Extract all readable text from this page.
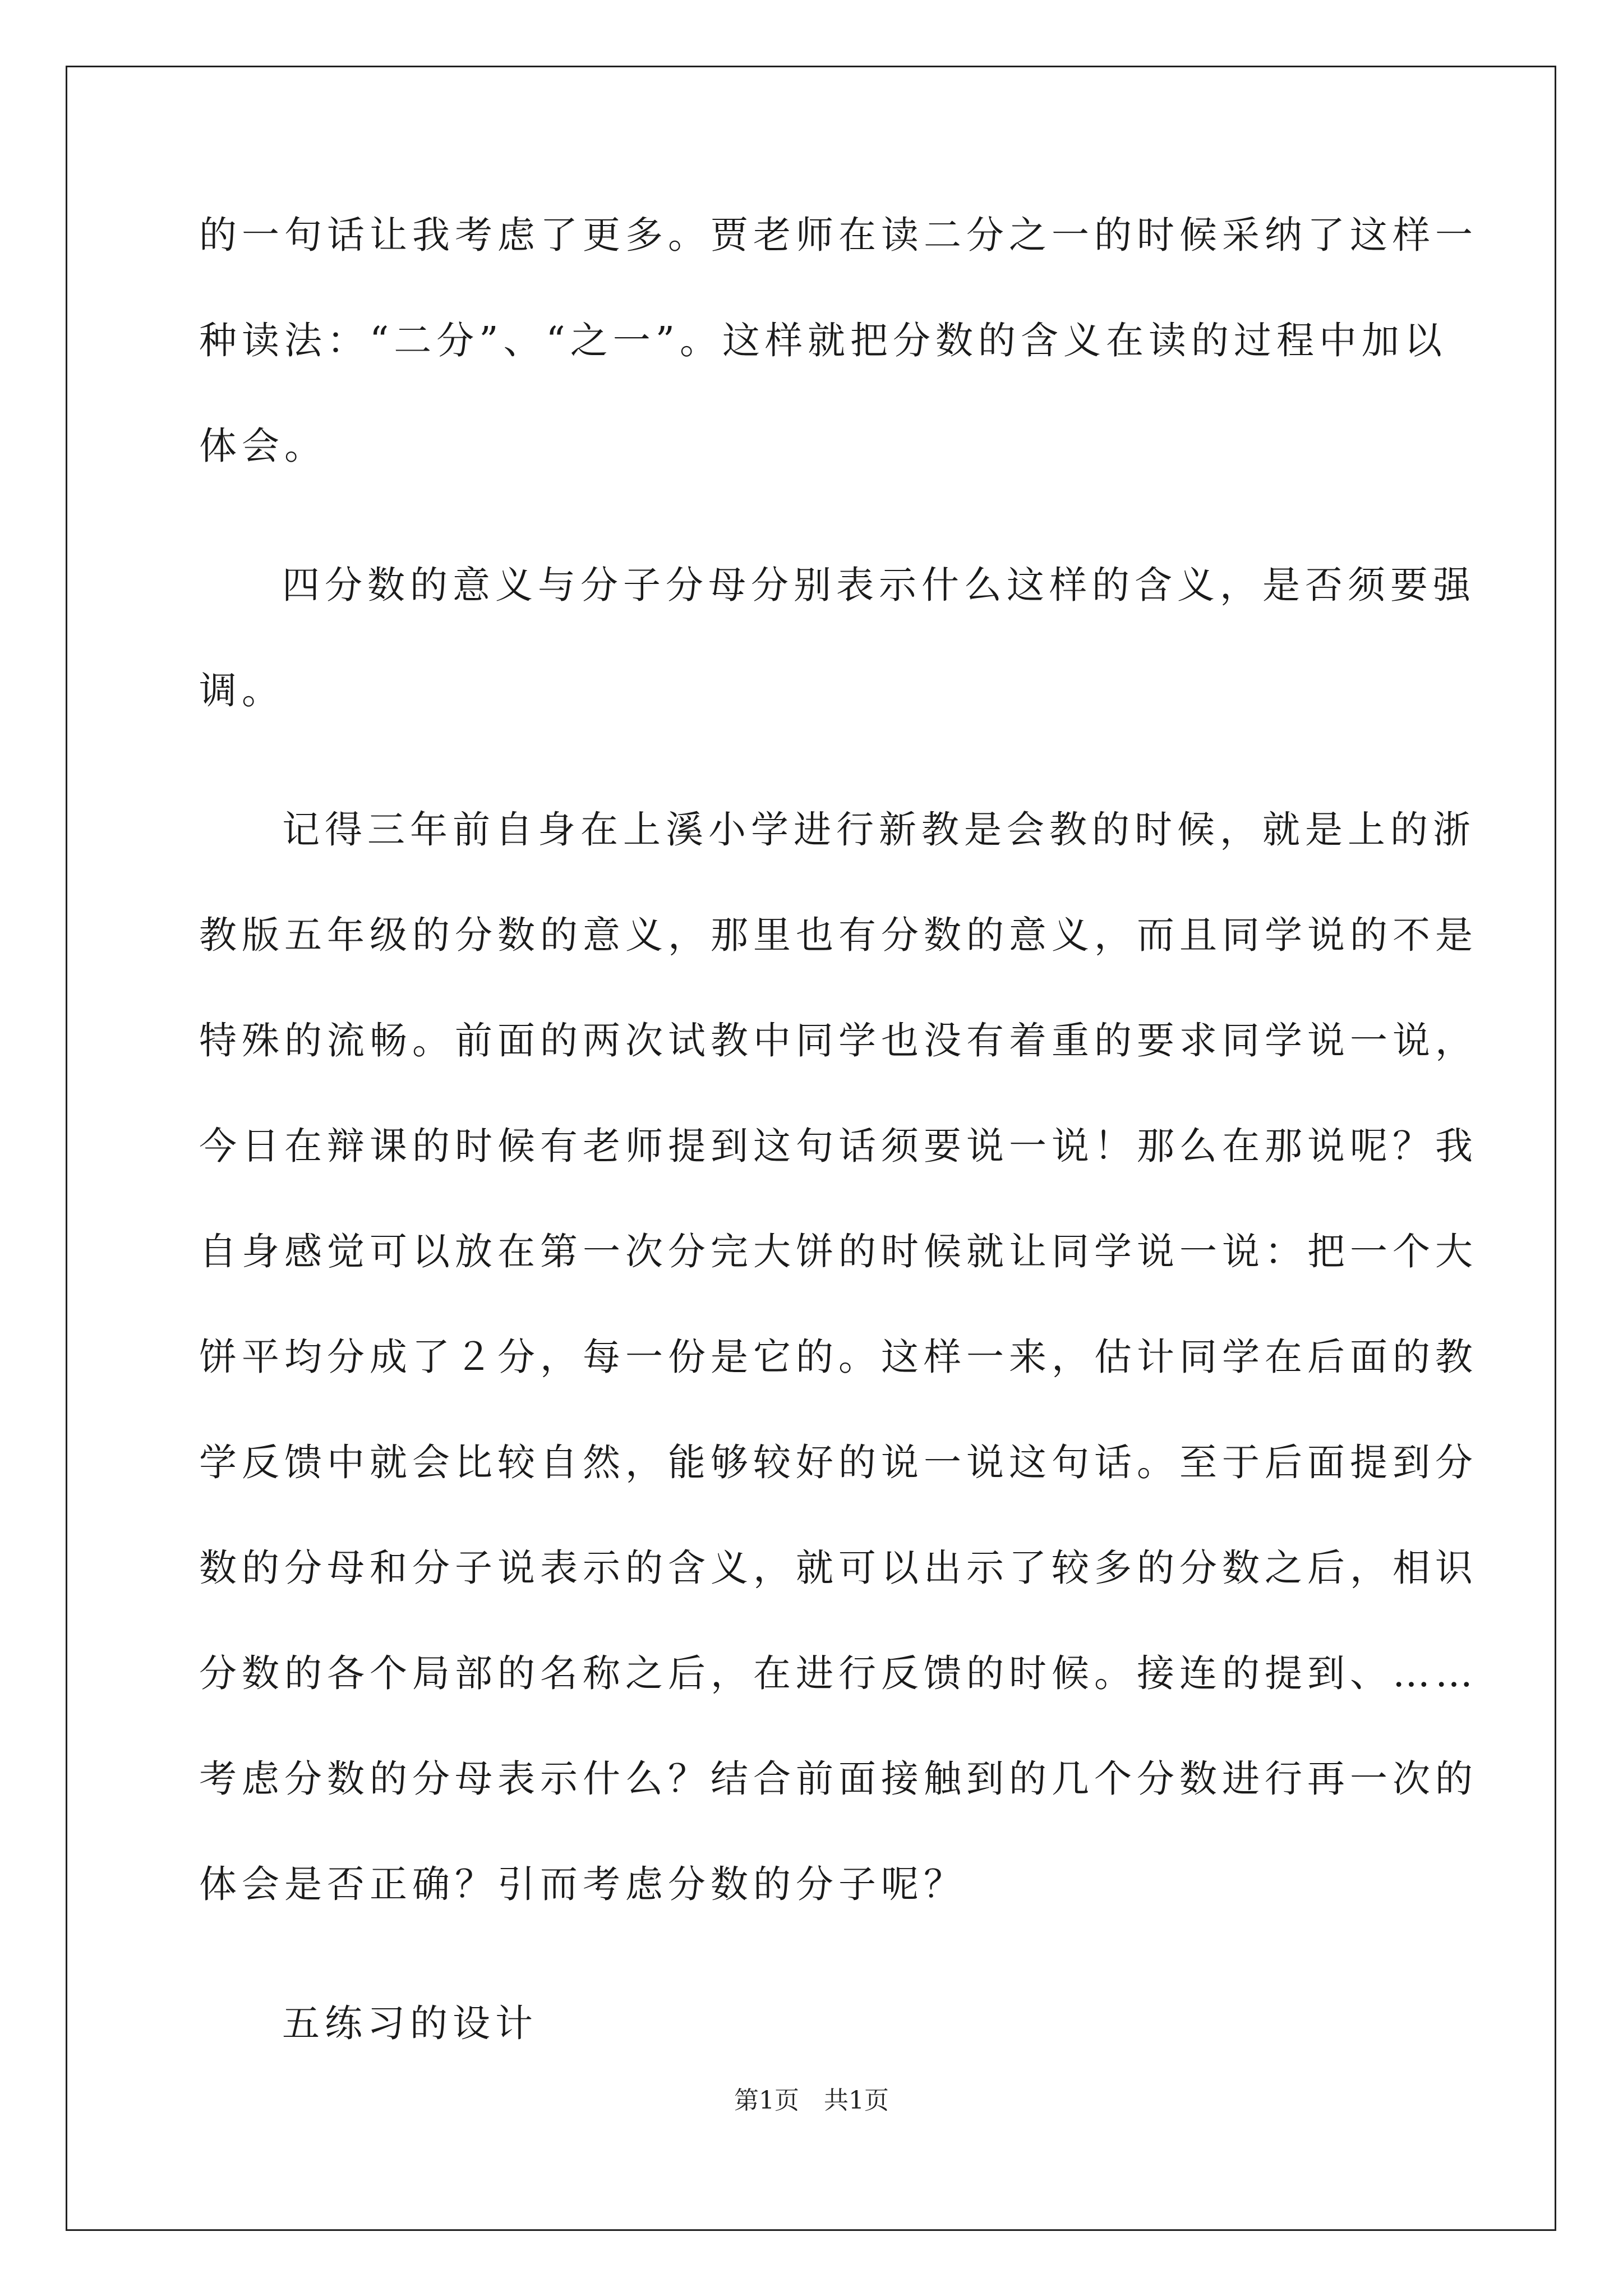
的一句话让我考虑了更多。贾老师在读二分之一的时候采纳了这样一
种读法：“二分”、“之一”。这样就把分数的含义在读的过程中加以
体会。
四分数的意义与分子分母分别表示什么这样的含义，是否须要强
调。
记得三年前自身在上溪小学进行新教是会教的时候，就是上的浙
教版五年级的分数的意义，那里也有分数的意义，而且同学说的不是
特殊的流畅。前面的两次试教中同学也没有着重的要求同学说一说，
今日在辩课的时候有老师提到这句话须要说一说！那么在那说呢？我
自身感觉可以放在第一次分完大饼的时候就让同学说一说：把一个大
饼平均分成了２分，每一份是它的。这样一来，估计同学在后面的教
学反馈中就会比较自然，能够较好的说一说这句话。至于后面提到分
数的分母和分子说表示的含义，就可以出示了较多的分数之后，相识
分数的各个局部的名称之后，在进行反馈的时候。接连的提到、……
考虑分数的分母表示什么？结合前面接触到的几个分数进行再一次的
体会是否正确？引而考虑分数的分子呢？
五练习的设计
第1页　共1页
